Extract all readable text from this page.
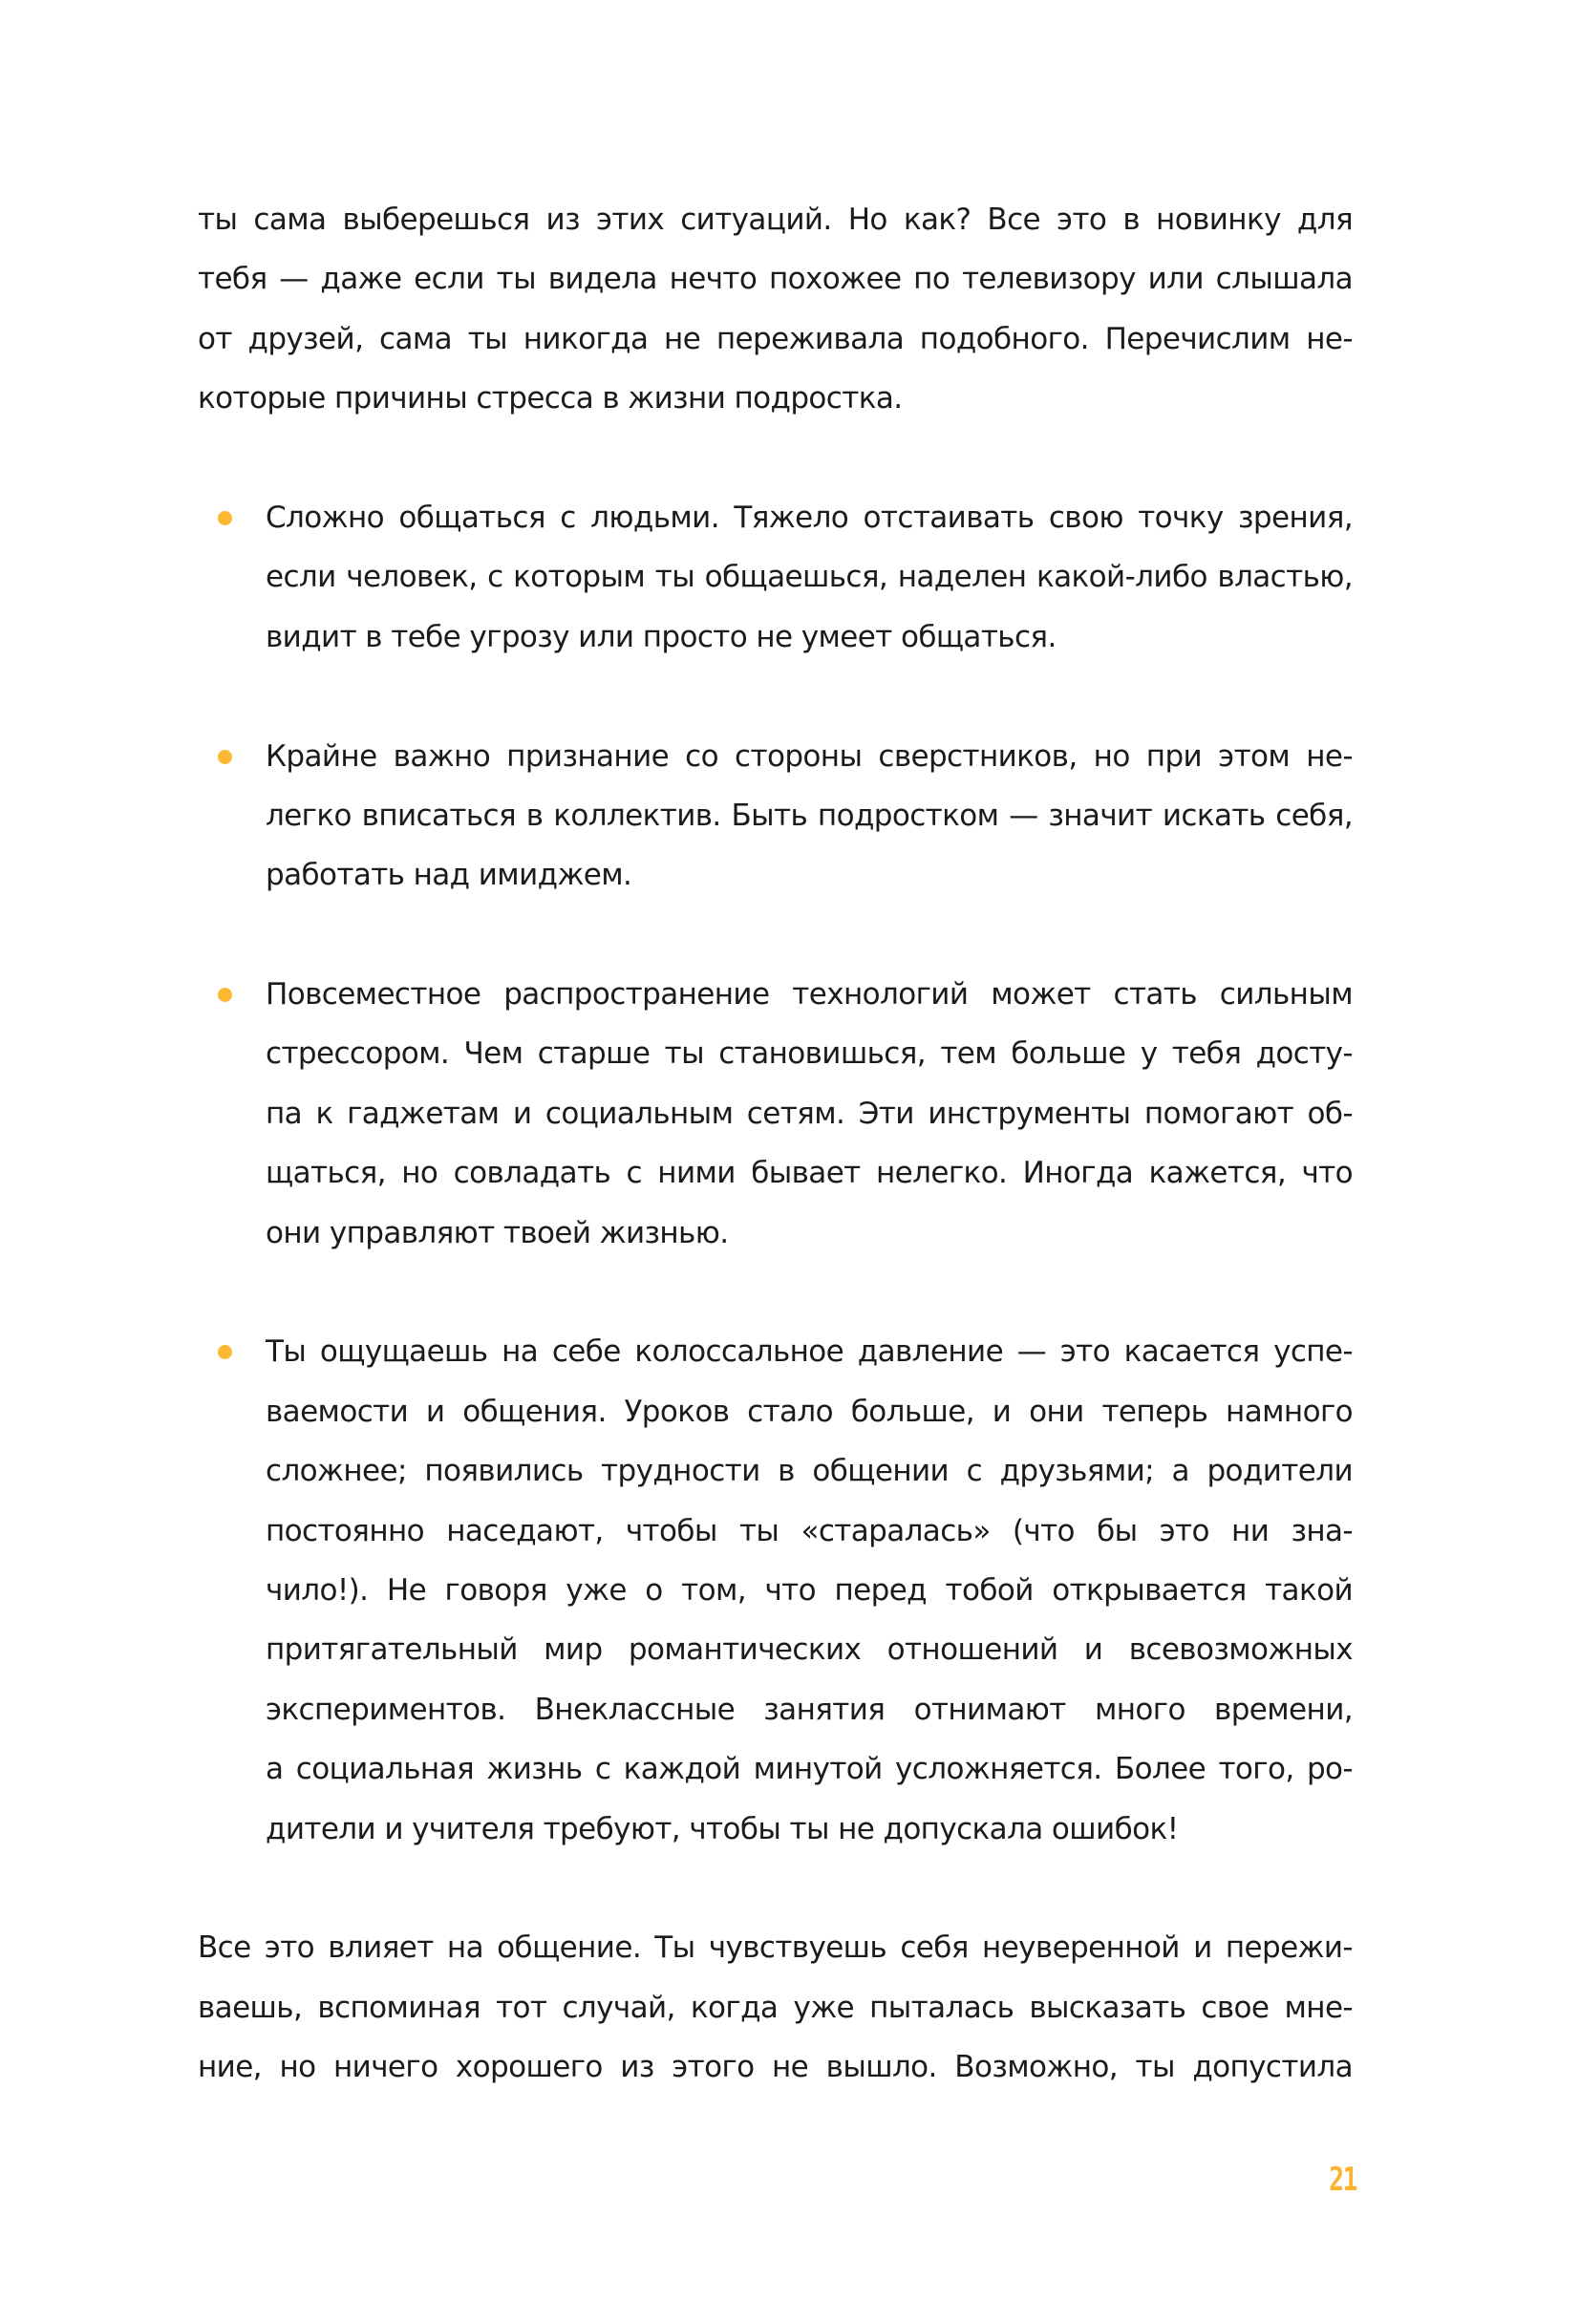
ты сама выберешься из этих ситуаций. Но как? Все это в новинку для
тебя — даже если ты видела нечто похожее по телевизору или слышала
от друзей, сама ты никогда не переживала подобного. Перечислим не-
которые причины стресса в жизни подростка.
Сложно общаться с людьми. Тяжело отстаивать свою точку зрения,
если человек, с которым ты общаешься, наделен какой-либо властью,
видит в тебе угрозу или просто не умеет общаться.
Крайне важно признание со стороны сверстников, но при этом не-
легко вписаться в коллектив. Быть подростком — значит искать себя,
работать над имиджем.
Повсеместное распространение технологий может стать сильным
стрессором. Чем старше ты становишься, тем больше у тебя досту-
па к гаджетам и социальным сетям. Эти инструменты помогают об-
щаться, но совладать с ними бывает нелегко. Иногда кажется, что
они управляют твоей жизнью.
Ты ощущаешь на себе колоссальное давление — это касается успе-
ваемости и общения. Уроков стало больше, и они теперь намного
сложнее; появились трудности в общении с друзьями; а родители
постоянно наседают, чтобы ты «старалась» (что бы это ни зна-
чило!). Не говоря уже о том, что перед тобой открывается такой
притягательный мир романтических отношений и всевозможных
экспериментов. Внеклассные занятия отнимают много времени,
а социальная жизнь с каждой минутой усложняется. Более того, ро-
дители и учителя требуют, чтобы ты не допускала ошибок!
Все это влияет на общение. Ты чувствуешь себя неуверенной и пережи-
ваешь, вспоминая тот случай, когда уже пыталась высказать свое мне-
ние, но ничего хорошего из этого не вышло. Возможно, ты допустила
21
